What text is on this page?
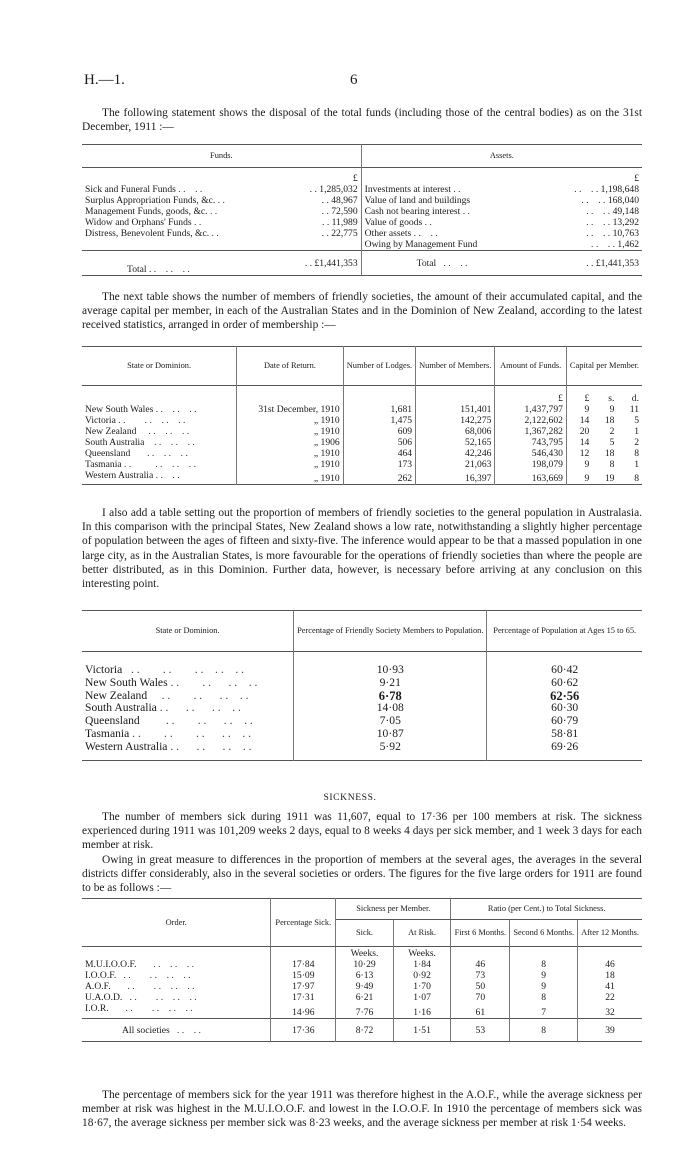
H.—1.	6

The following statement shows the disposal of the total funds (including those of the central bodies) as on the 31st December, 1911 :—

Funds.		Assets.	
	£		£
Sick and Funeral Funds . .    . .	. . 1,285,032	Investments at interest . .	. .    . . 1,198,648
Surplus Appropriation Funds, &c. . .	. . 48,967	Value of land and buildings	. .    . . 168,040
Management Funds, goods, &c. . .	. . 72,590	Cash not bearing interest . .	. .    . . 49,148
Widow and Orphans' Funds . .	. . 11,989	Value of goods . .	. .    . . 13,292
Distress, Benevolent Funds, &c. . .	. . 22,775	Other assets . .    . .	. .    . . 10,763
		Owing by Management Fund	. .    . . 1,462
Total . .    . .    . .	. . £1,441,353	Total   . .    . .	. . £1,441,353

The next table shows the number of members of friendly societies, the amount of their accumulated capital, and the average capital per member, in each of the Australian States and in the Dominion of New Zealand, according to the latest received statistics, arranged in order of membership :—

State or Dominion.	Date of Return.	Number of Lodges.	Number of Members.	Amount of Funds.	Capital per Member.		
				£	£	s.	d.
New South Wales . .    . .    . .	31st December, 1910	1,681	151,401	1,437,797	9	9	11
Victoria . .        . .    . .    . .	„ 1910	1,475	142,275	2,122,602	14	18	5
New Zealand     . .    . .    . .	„ 1910	609	68,006	1,367,282	20	2	1
South Australia    . .    . .    . .	„ 1906	506	52,165	743,795	14	5	2
Queensland       . .    . .    . .	„ 1910	464	42,246	546,430	12	18	8
Tasmania . .          . .    . .    . .	„ 1910	173	21,063	198,079	9	8	1
Western Australia . .    . .	„ 1910	262	16,397	163,669	9	19	8

I also add a table setting out the proportion of members of friendly societies to the general population in Australasia. In this comparison with the principal States, New Zealand shows a low rate, notwithstanding a slightly higher percentage of population between the ages of fifteen and sixty-five. The inference would appear to be that a massed population in one large city, as in the Australian States, is more favourable for the operations of friendly societies than where the people are better distributed, as in this Dominion. Further data, however, is necessary before arriving at any conclusion on this interesting point.

State or Dominion.	Percentage of Friendly Society Members to Population.	Percentage of Population at Ages 15 to 65.

Victoria   . .        . .        . .    . .    . .	10·93	60·42
New South Wales . .        . .      . .    . .	9·21	60·62
New Zealand     . .        . .      . .    . .	6·78	62·56
South Australia . .      . .      . .    . .	14·08	60·30
Queensland         . .        . .      . .    . .	7·05	60·79
Tasmania . .        . .        . .      . .    . .	10·87	58·81
Western Australia . .      . .      . .    . .	5·92	69·26
SICKNESS.

The number of members sick during 1911 was 11,607, equal to 17·36 per 100 members at risk. The sickness experienced during 1911 was 101,209 weeks 2 days, equal to 8 weeks 4 days per sick member, and 1 week 3 days for each member at risk.

Owing in great measure to differences in the proportion of members at the several ages, the averages in the several districts differ considerably, also in the several societies or orders. The figures for the five large orders for 1911 are found to be as follows :—

Order.	Percentage Sick.	Sickness per Member.		Ratio (per Cent.) to Total Sickness.		
		Sick.	At Risk.	First 6 Months.	Second 6 Months.	After 12 Months.
		Weeks.	Weeks.			
M.U.I.O.O.F.       . .    . .    . .	17·84	10·29	1·84	46	8	46
I.O.O.F.   . .        . .    . .    . .	15·09	6·13	0·92	73	9	18
A.O.F.       . .        . .    . .    . .	17·97	9·49	1·70	50	9	41
U.A.O.D.   . .        . .    . .    . .	17·31	6·21	1·07	70	8	22
I.O.R.       . .        . .    . .    . .	14·96	7·76	1·16	61	7	32
All societies   . .    . .	17·36	8·72	1·51	53	8	39

The percentage of members sick for the year 1911 was therefore highest in the A.O.F., while the average sickness per member at risk was highest in the M.U.I.O.O.F. and lowest in the I.O.O.F. In 1910 the percentage of members sick was 18·67, the average sickness per member sick was 8·23 weeks, and the average sickness per member at risk 1·54 weeks.
